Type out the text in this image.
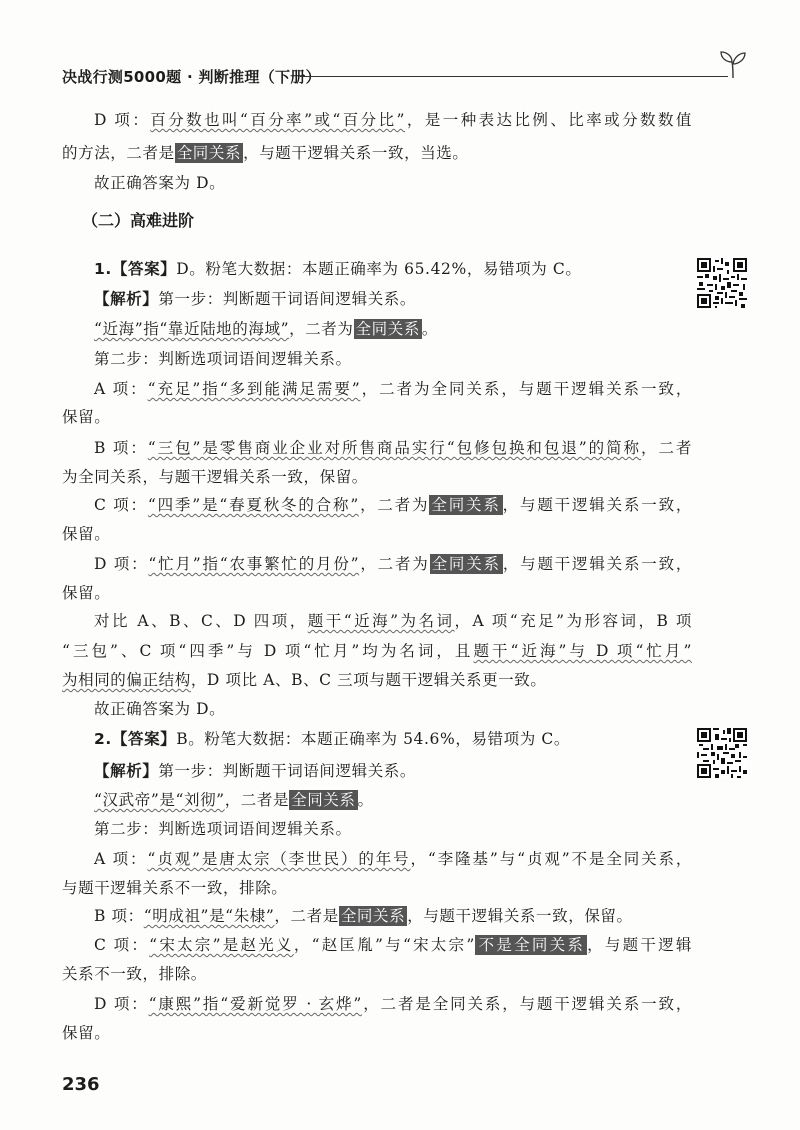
决战行测5000题 · 判断推理（下册）
D 项：百分数也叫“百分率”或“百分比”，是一种表达比例、比率或分数数值
的方法，二者是 全同关系 ，与题干逻辑关系一致，当选。
故正确答案为 D。
（二）高难进阶
1.【答案】D。粉笔大数据：本题正确率为 65.42%，易错项为 C。
【解析】第一步：判断题干词语间逻辑关系。
“近海”指“靠近陆地的海域”，二者为 全同关系 。
第二步：判断选项词语间逻辑关系。
A 项：“充足”指“多到能满足需要”，二者为全同关系，与题干逻辑关系一致，
保留。
B 项：“三包”是零售商业企业对所售商品实行“包修包换和包退”的简称，二者
为全同关系，与题干逻辑关系一致，保留。
C 项：“四季”是“春夏秋冬的合称”，二者为 全同关系 ，与题干逻辑关系一致，
保留。
D 项：“忙月”指“农事繁忙的月份”，二者为 全同关系 ，与题干逻辑关系一致，
保留。
对比 A、B、C、D 四项，题干“近海”为名词，A 项“充足”为形容词，B 项
“三包”、C 项“四季”与 D 项“忙月”均为名词，且题干“近海”与 D 项“忙月”
为相同的偏正结构，D 项比 A、B、C 三项与题干逻辑关系更一致。
故正确答案为 D。
2.【答案】B。粉笔大数据：本题正确率为 54.6%，易错项为 C。
【解析】第一步：判断题干词语间逻辑关系。
“汉武帝”是“刘彻”，二者是 全同关系 。
第二步：判断选项词语间逻辑关系。
A 项：“贞观”是唐太宗（李世民）的年号，“李隆基”与“贞观”不是全同关系，
与题干逻辑关系不一致，排除。
B 项：“明成祖”是“朱棣”，二者是 全同关系 ，与题干逻辑关系一致，保留。
C 项：“宋太宗”是赵光义，“赵匡胤”与“宋太宗” 不是全同关系 ，与题干逻辑
关系不一致，排除。
D 项：“康熙”指“爱新觉罗 · 玄烨”，二者是全同关系，与题干逻辑关系一致，
保留。
236
